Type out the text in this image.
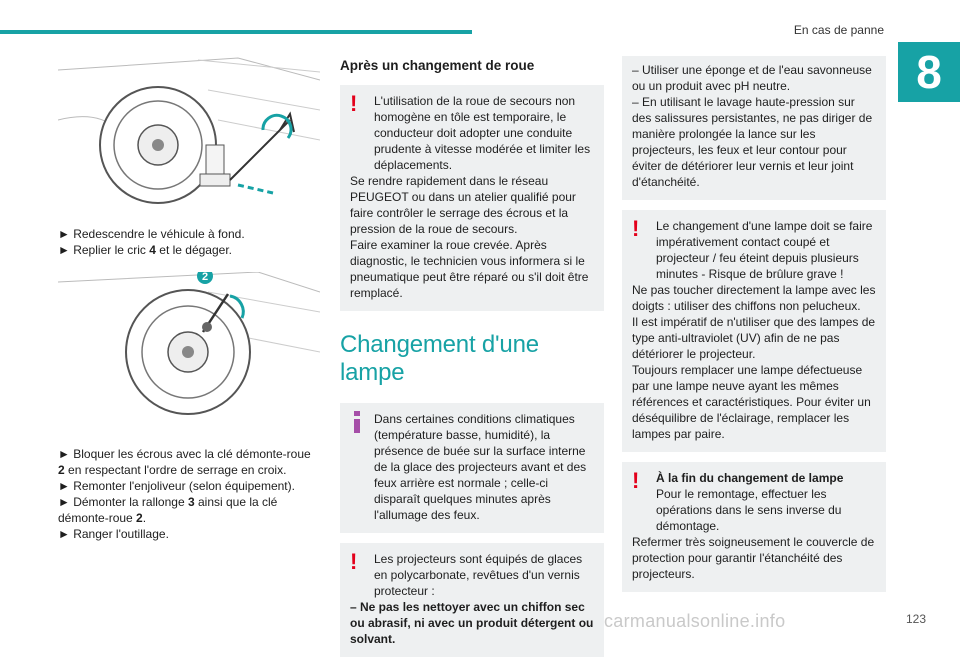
En cas de panne
8
► Redescendre le véhicule à fond.
► Replier le cric 4 et le dégager.
2
► Bloquer les écrous avec la clé démonte-roue 2 en respectant l'ordre de serrage en croix.
► Remonter l'enjoliveur (selon équipement).
► Démonter la rallonge 3 ainsi que la clé démonte-roue 2.
► Ranger l'outillage.
Après un changement de roue
!	L'utilisation de la roue de secours non homogène en tôle est temporaire, le conducteur doit adopter une conduite prudente à vitesse modérée et limiter les déplacements.

Se rendre rapidement dans le réseau PEUGEOT ou dans un atelier qualifié pour faire contrôler le serrage des écrous et la pression de la roue de secours.

Faire examiner la roue crevée. Après diagnostic, le technicien vous informera si le pneumatique peut être réparé ou s'il doit être remplacé.

Changement d'une lampe

Dans certaines conditions climatiques (température basse, humidité), la présence de buée sur la surface interne de la glace des projecteurs avant et des feux arrière est normale ; celle-ci disparaît quelques minutes après l'allumage des feux.

!	Les projecteurs sont équipés de glaces en polycarbonate, revêtues d'un vernis protecteur :

– Ne pas les nettoyer avec un chiffon sec ou abrasif, ni avec un produit détergent ou solvant.

– Utiliser une éponge et de l'eau savonneuse ou un produit avec pH neutre.

– En utilisant le lavage haute-pression sur des salissures persistantes, ne pas diriger de manière prolongée la lance sur les projecteurs, les feux et leur contour pour éviter de détériorer leur vernis et leur joint d'étanchéité.

!	Le changement d'une lampe doit se faire impérativement contact coupé et projecteur / feu éteint depuis plusieurs minutes - Risque de brûlure grave !

Ne pas toucher directement la lampe avec les doigts : utiliser des chiffons non pelucheux.

Il est impératif de n'utiliser que des lampes de type anti-ultraviolet (UV) afin de ne pas détériorer le projecteur.

Toujours remplacer une lampe défectueuse par une lampe neuve ayant les mêmes références et caractéristiques. Pour éviter un déséquilibre de l'éclairage, remplacer les lampes par paire.

!	À la fin du changement de lampe

Pour le remontage, effectuer les opérations dans le sens inverse du démontage.

Refermer très soigneusement le couvercle de protection pour garantir l'étanchéité des projecteurs.

carmanualsonline.info	123
